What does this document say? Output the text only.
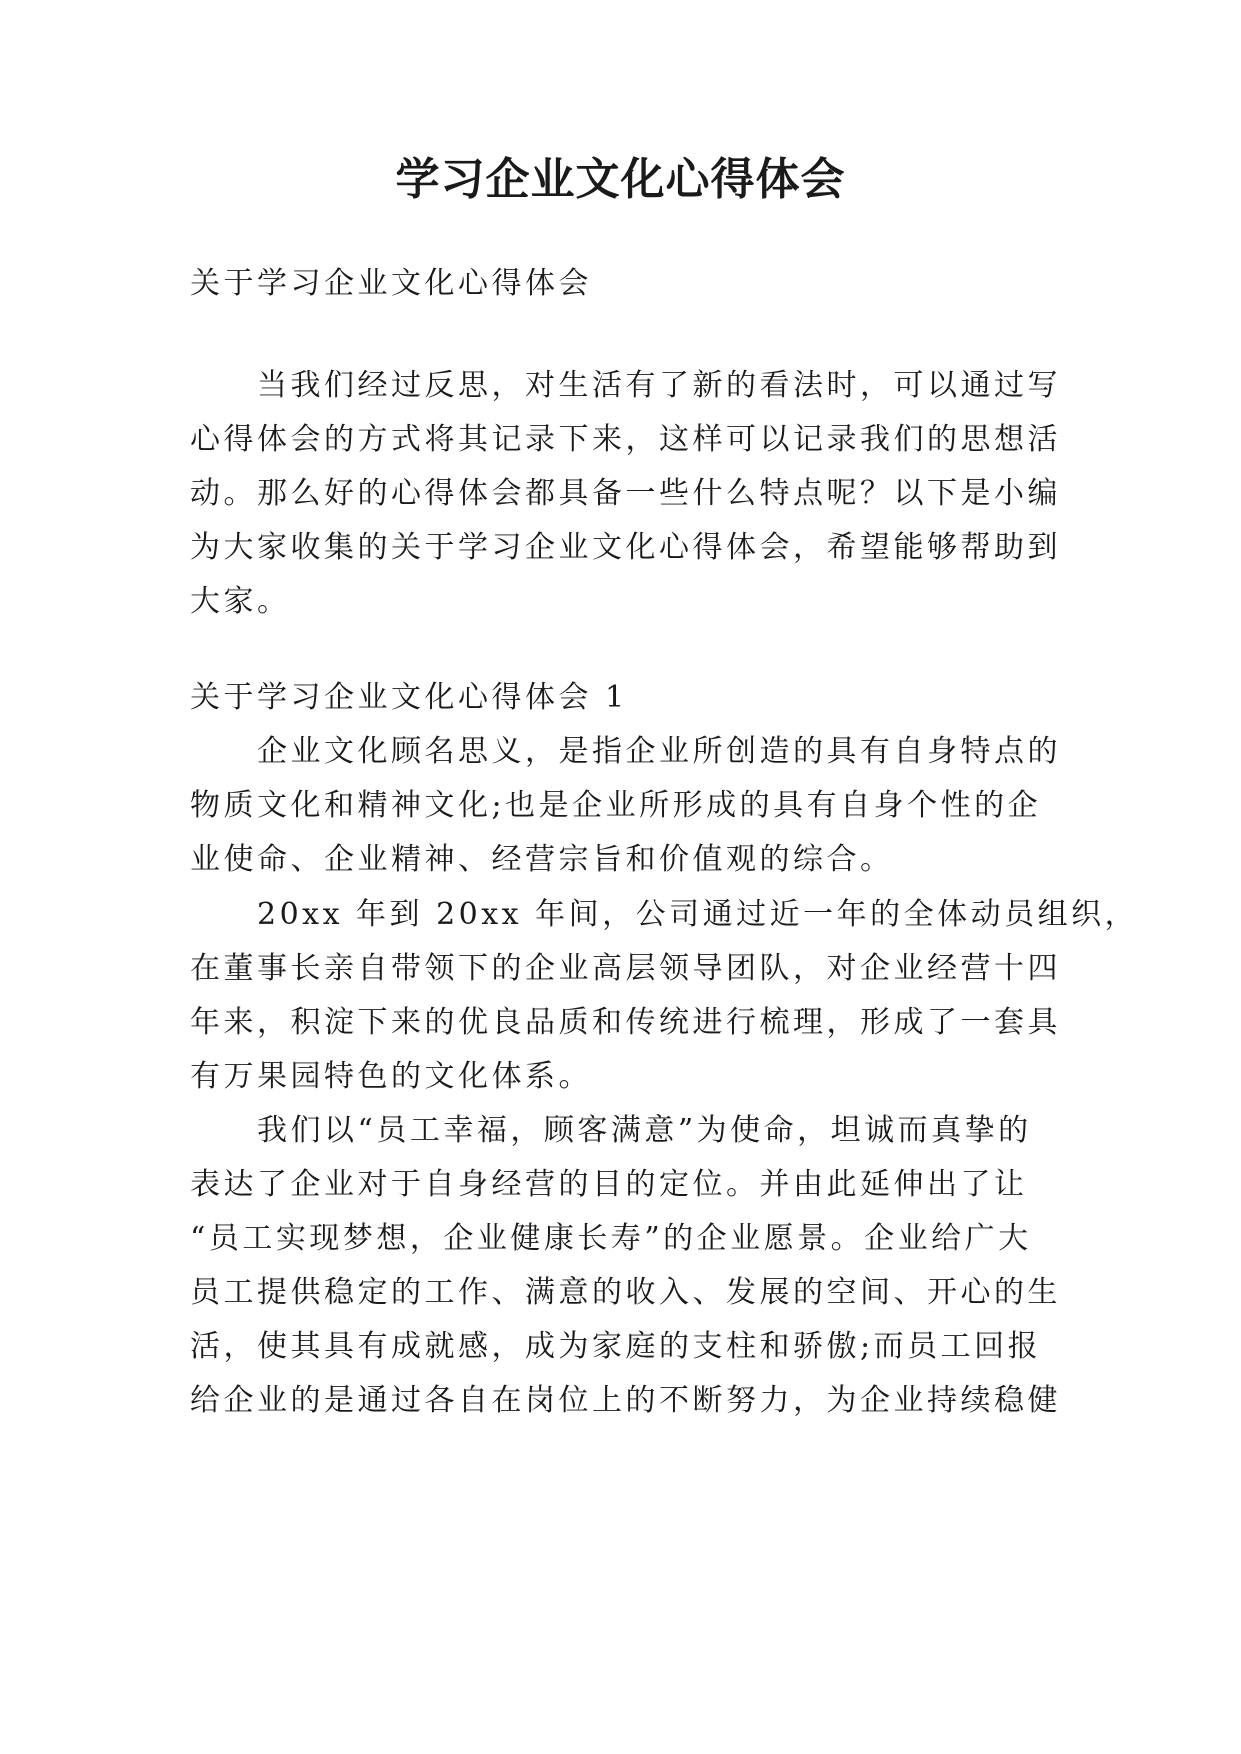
学习企业文化心得体会

关于学习企业文化心得体会

　　当我们经过反思，对生活有了新的看法时，可以通过写

心得体会的方式将其记录下来，这样可以记录我们的思想活

动。那么好的心得体会都具备一些什么特点呢？以下是小编

为大家收集的关于学习企业文化心得体会，希望能够帮助到

大家。

关于学习企业文化心得体会 1

　　企业文化顾名思义，是指企业所创造的具有自身特点的

物质文化和精神文化;也是企业所形成的具有自身个性的企

业使命、企业精神、经营宗旨和价值观的综合。

　　20xx 年到 20xx 年间，公司通过近一年的全体动员组织，

在董事长亲自带领下的企业高层领导团队，对企业经营十四

年来，积淀下来的优良品质和传统进行梳理，形成了一套具

有万果园特色的文化体系。

　　我们以“员工幸福，顾客满意”为使命，坦诚而真挚的

表达了企业对于自身经营的目的定位。并由此延伸出了让

“员工实现梦想，企业健康长寿”的企业愿景。企业给广大

员工提供稳定的工作、满意的收入、发展的空间、开心的生

活，使其具有成就感，成为家庭的支柱和骄傲;而员工回报

给企业的是通过各自在岗位上的不断努力，为企业持续稳健
